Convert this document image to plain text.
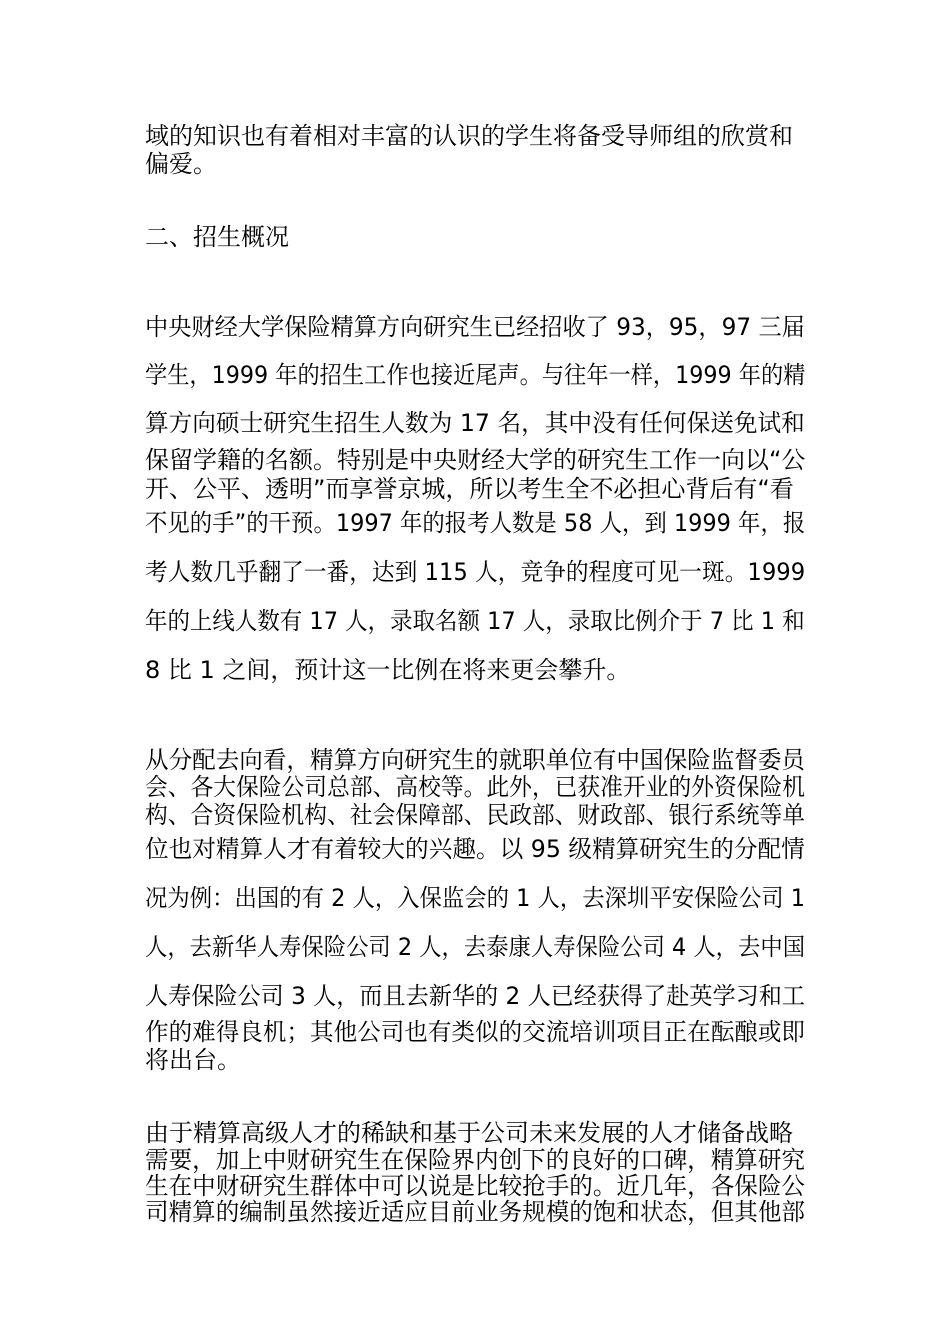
域的知识也有着相对丰富的认识的学生将备受导师组的欣赏和
偏爱。
二、招生概况
中央财经大学保险精算方向研究生已经招收了 93，95，97 三届
学生，1999 年的招生工作也接近尾声。与往年一样，1999 年的精
算方向硕士研究生招生人数为 17 名，其中没有任何保送免试和
保留学籍的名额。特别是中央财经大学的研究生工作一向以“公
开、公平、透明”而享誉京城，所以考生全不必担心背后有“看
不见的手”的干预。1997 年的报考人数是 58 人，到 1999 年，报
考人数几乎翻了一番，达到 115 人，竞争的程度可见一斑。1999
年的上线人数有 17 人，录取名额 17 人，录取比例介于 7 比 1 和
8 比 1 之间，预计这一比例在将来更会攀升。
从分配去向看，精算方向研究生的就职单位有中国保险监督委员
会、各大保险公司总部、高校等。此外，已获准开业的外资保险机
构、合资保险机构、社会保障部、民政部、财政部、银行系统等单
位也对精算人才有着较大的兴趣。以 95 级精算研究生的分配情
况为例：出国的有 2 人，入保监会的 1 人，去深圳平安保险公司 1
人，去新华人寿保险公司 2 人，去泰康人寿保险公司 4 人，去中国
人寿保险公司 3 人，而且去新华的 2 人已经获得了赴英学习和工
作的难得良机；其他公司也有类似的交流培训项目正在酝酿或即
将出台。
由于精算高级人才的稀缺和基于公司未来发展的人才储备战略
需要，加上中财研究生在保险界内创下的良好的口碑，精算研究
生在中财研究生群体中可以说是比较抢手的。近几年，各保险公
司精算的编制虽然接近适应目前业务规模的饱和状态，但其他部
